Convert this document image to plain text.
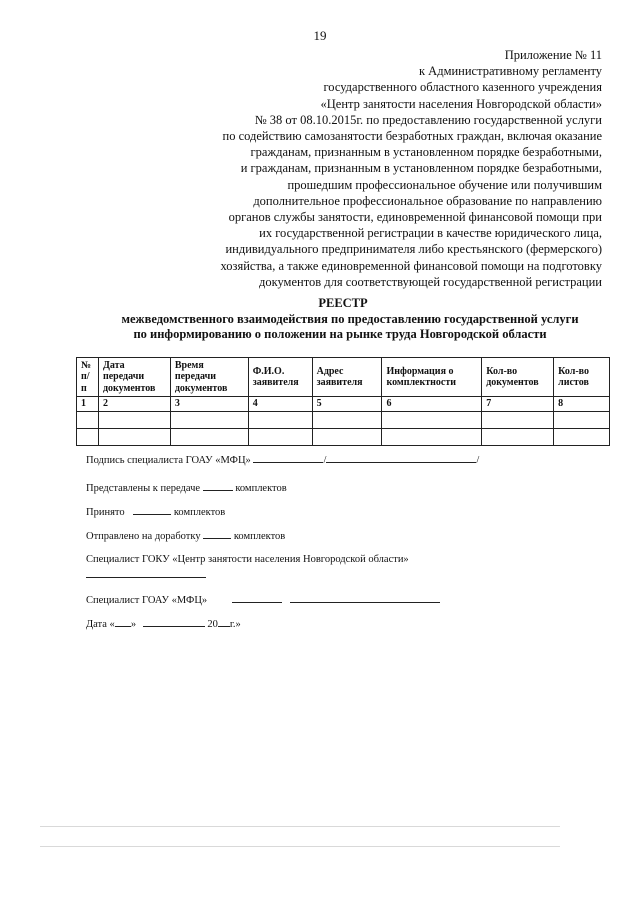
19
Приложение № 11
к Административному регламенту
государственного областного казенного учреждения
«Центр занятости населения Новгородской области»
№ 38 от 08.10.2015г. по предоставлению государственной услуги
по содействию самозанятости безработных граждан, включая оказание
гражданам, признанным в установленном порядке безработными,
и гражданам, признанным в установленном порядке безработными,
прошедшим профессиональное обучение или получившим
дополнительное профессиональное образование по направлению
органов службы занятости, единовременной финансовой помощи при
их государственной регистрации в качестве юридического лица,
индивидуального предпринимателя либо крестьянского (фермерского)
хозяйства, а также единовременной финансовой помощи на подготовку
документов для соответствующей государственной регистрации
РЕЕСТР
межведомственного взаимодействия по предоставлению государственной услуги
по информированию о положении на рынке труда Новгородской области
№ п/п	Дата передачи документов	Время передачи документов	Ф.И.О. заявителя	Адрес заявителя	Информация о комплектности	Кол-во документов	Кол-во листов
1	2	3	4	5	6	7	8

Подпись специалиста ГОАУ «МФЦ»	/	/
Представлены к передаче	комплектов
Принято	комплектов
Отправлено на доработку	комплектов
Специалист ГОКУ «Центр занятости населения Новгородской области»
Специалист ГОАУ «МФЦ»
Дата « »	20 г.»
